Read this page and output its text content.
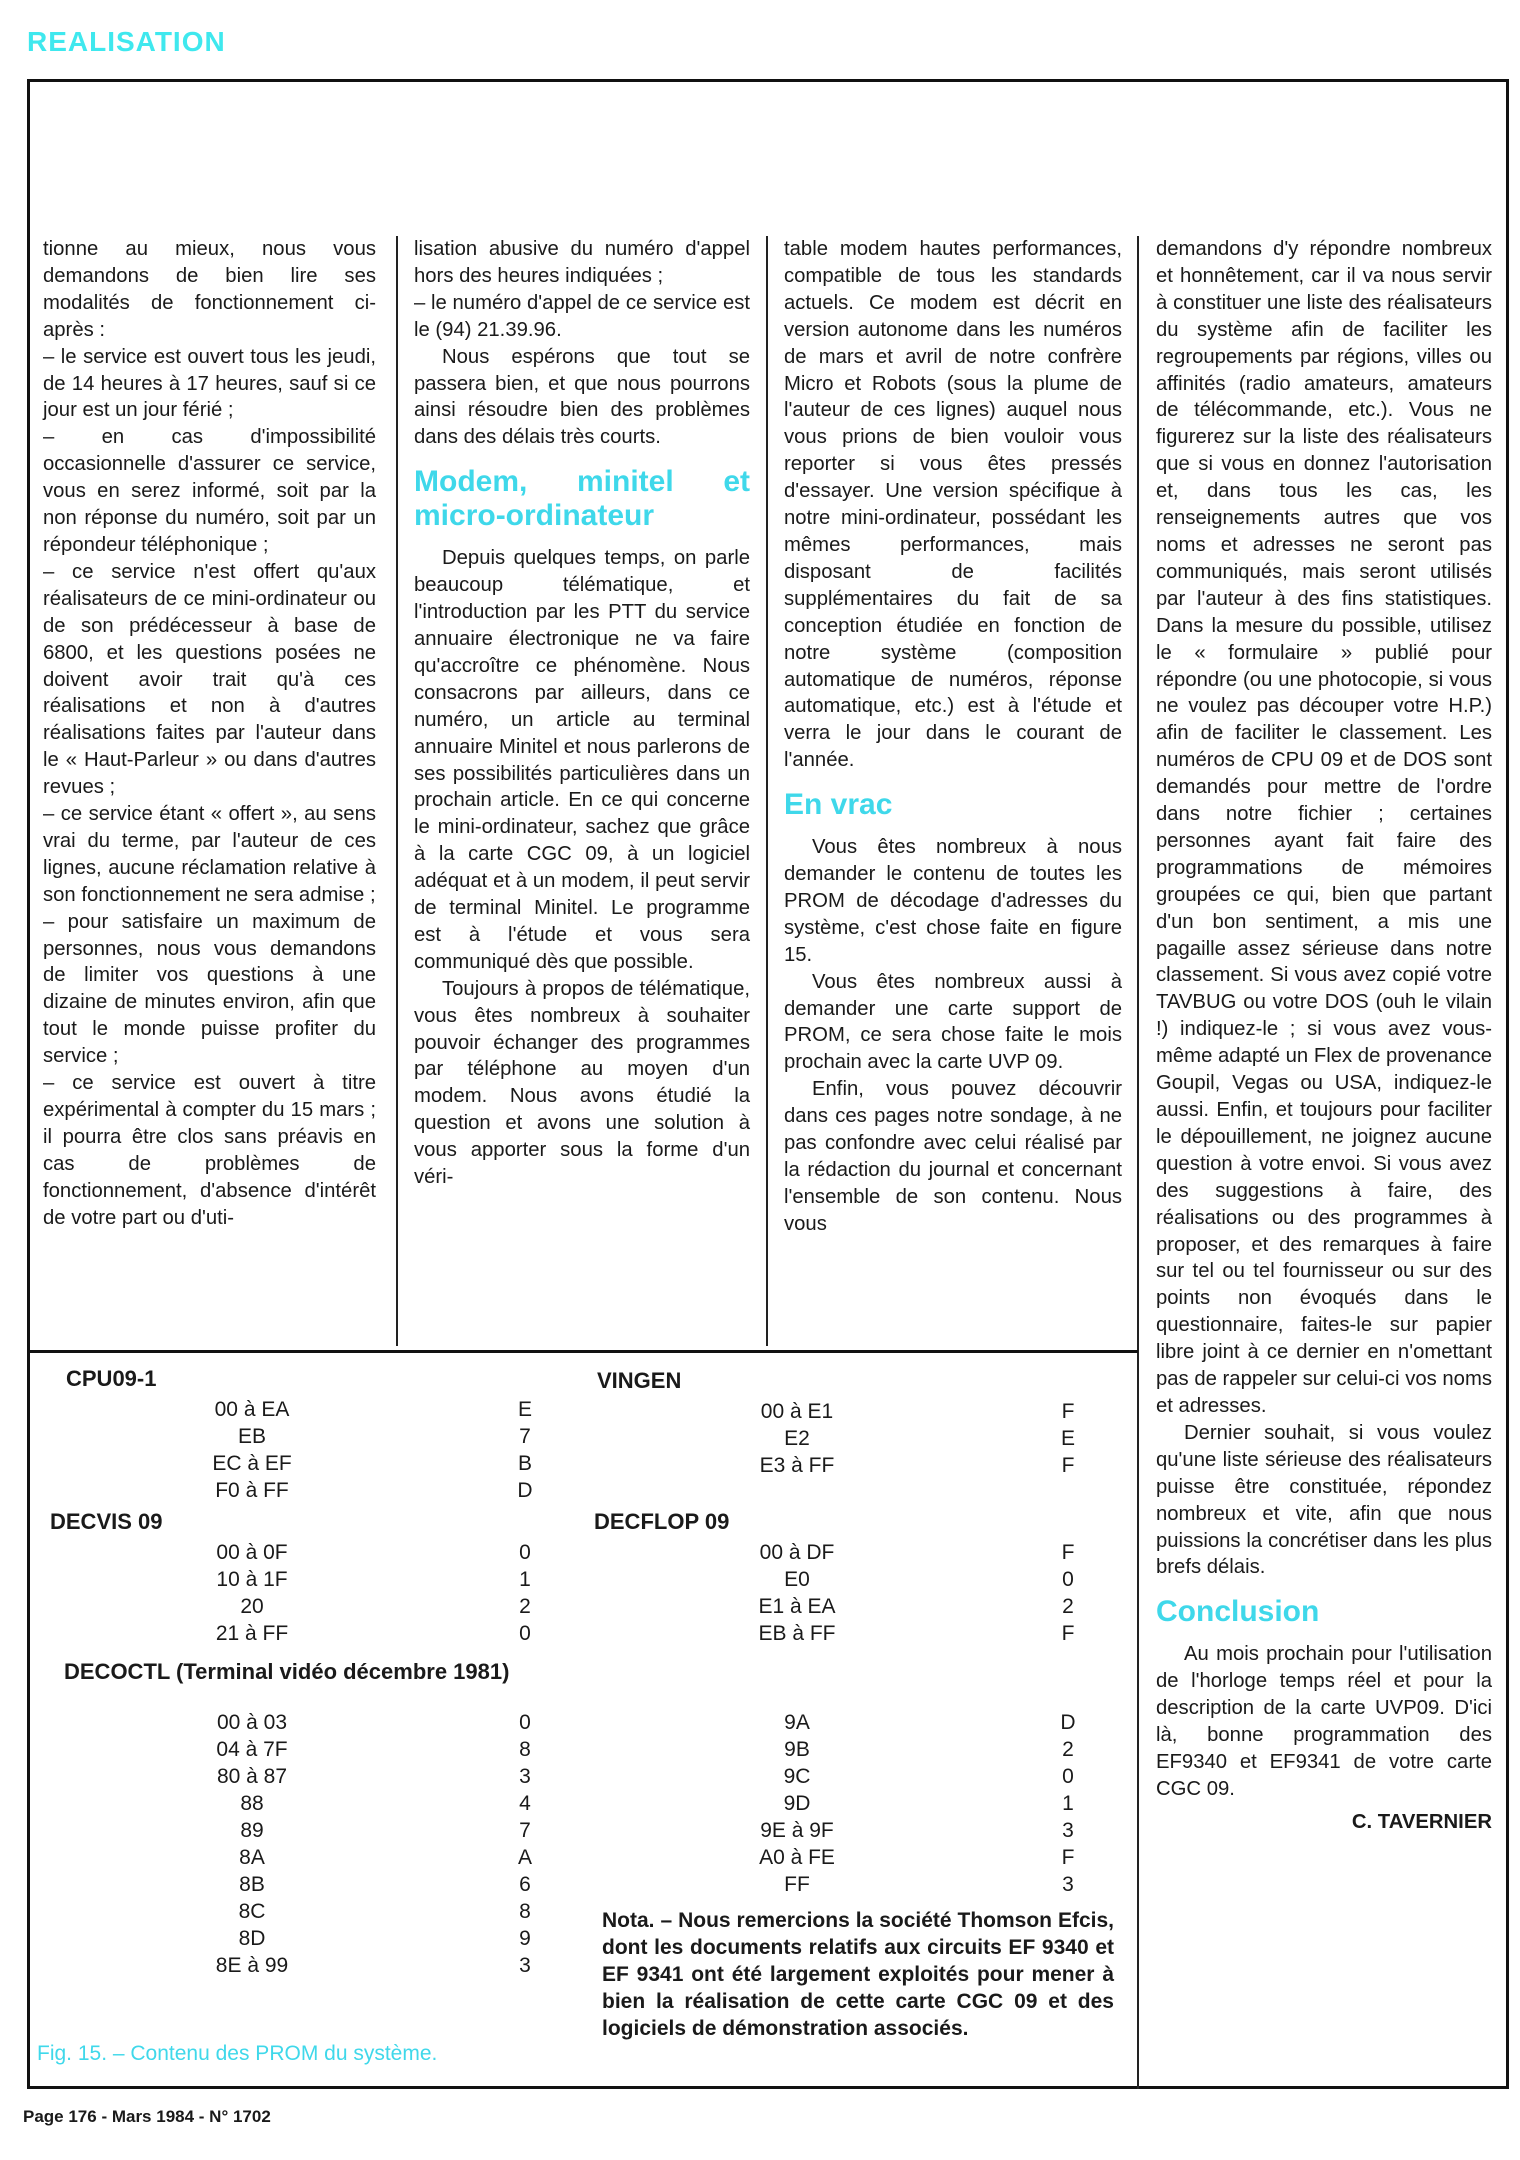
REALISATION

tionne au mieux, nous vous demandons de bien lire ses modalités de fonctionnement ci-après :

– le service est ouvert tous les jeudi, de 14 heures à 17 heures, sauf si ce jour est un jour férié ;

– en cas d'impossibilité occasionnelle d'assurer ce service, vous en serez informé, soit par la non réponse du numéro, soit par un répondeur téléphonique ;

– ce service n'est offert qu'aux réalisateurs de ce mini-ordinateur ou de son prédécesseur à base de 6800, et les questions posées ne doivent avoir trait qu'à ces réalisations et non à d'autres réalisations faites par l'auteur dans le « Haut-Parleur » ou dans d'autres revues ;

– ce service étant « offert », au sens vrai du terme, par l'auteur de ces lignes, aucune réclamation relative à son fonctionnement ne sera admise ;

– pour satisfaire un maximum de personnes, nous vous demandons de limiter vos questions à une dizaine de minutes environ, afin que tout le monde puisse profiter du service ;

– ce service est ouvert à titre expérimental à compter du 15 mars ; il pourra être clos sans préavis en cas de problèmes de fonctionnement, d'absence d'intérêt de votre part ou d'uti-

lisation abusive du numéro d'appel hors des heures indiquées ;

– le numéro d'appel de ce service est le (94) 21.39.96.

Nous espérons que tout se passera bien, et que nous pourrons ainsi résoudre bien des problèmes dans des délais très courts.

Modem, minitel et micro-ordinateur

Depuis quelques temps, on parle beaucoup télématique, et l'introduction par les PTT du service annuaire électronique ne va faire qu'accroître ce phénomène. Nous consacrons par ailleurs, dans ce numéro, un article au terminal annuaire Minitel et nous parlerons de ses possibilités particulières dans un prochain article. En ce qui concerne le mini-ordinateur, sachez que grâce à la carte CGC 09, à un logiciel adéquat et à un modem, il peut servir de terminal Minitel. Le programme est à l'étude et vous sera communiqué dès que possible.

Toujours à propos de télématique, vous êtes nombreux à souhaiter pouvoir échanger des programmes par téléphone au moyen d'un modem. Nous avons étudié la question et avons une solution à vous apporter sous la forme d'un véri-

table modem hautes performances, compatible de tous les standards actuels. Ce modem est décrit en version autonome dans les numéros de mars et avril de notre confrère Micro et Robots (sous la plume de l'auteur de ces lignes) auquel nous vous prions de bien vouloir vous reporter si vous êtes pressés d'essayer. Une version spécifique à notre mini-ordinateur, possédant les mêmes performances, mais disposant de facilités supplémentaires du fait de sa conception étudiée en fonction de notre système (composition automatique de numéros, réponse automatique, etc.) est à l'étude et verra le jour dans le courant de l'année.

En vrac

Vous êtes nombreux à nous demander le contenu de toutes les PROM de décodage d'adresses du système, c'est chose faite en figure 15.

Vous êtes nombreux aussi à demander une carte support de PROM, ce sera chose faite le mois prochain avec la carte UVP 09.

Enfin, vous pouvez découvrir dans ces pages notre sondage, à ne pas confondre avec celui réalisé par la rédaction du journal et concernant l'ensemble de son contenu. Nous vous

demandons d'y répondre nombreux et honnêtement, car il va nous servir à constituer une liste des réalisateurs du système afin de faciliter les regroupements par régions, villes ou affinités (radio amateurs, amateurs de télécommande, etc.). Vous ne figurerez sur la liste des réalisateurs que si vous en donnez l'autorisation et, dans tous les cas, les renseignements autres que vos noms et adresses ne seront pas communiqués, mais seront utilisés par l'auteur à des fins statistiques. Dans la mesure du possible, utilisez le « formulaire » publié pour répondre (ou une photocopie, si vous ne voulez pas découper votre H.P.) afin de faciliter le classement. Les numéros de CPU 09 et de DOS sont demandés pour mettre de l'ordre dans notre fichier ; certaines personnes ayant fait faire des programmations de mémoires groupées ce qui, bien que partant d'un bon sentiment, a mis une pagaille assez sérieuse dans notre classement. Si vous avez copié votre TAVBUG ou votre DOS (ouh le vilain !) indiquez-le ; si vous avez vous-même adapté un Flex de provenance Goupil, Vegas ou USA, indiquez-le aussi. Enfin, et toujours pour faciliter le dépouillement, ne joignez aucune question à votre envoi. Si vous avez des suggestions à faire, des réalisations ou des programmes à proposer, et des remarques à faire sur tel ou tel fournisseur ou sur des points non évoqués dans le questionnaire, faites-le sur papier libre joint à ce dernier en n'omettant pas de rappeler sur celui-ci vos noms et adresses.

Dernier souhait, si vous voulez qu'une liste sérieuse des réalisateurs puisse être constituée, répondez nombreux et vite, afin que nous puissions la concrétiser dans les plus brefs délais.

Conclusion

Au mois prochain pour l'utilisation de l'horloge temps réel et pour la description de la carte UVP09. D'ici là, bonne programmation des EF9340 et EF9341 de votre carte CGC 09.

C. TAVERNIER

CPU09-1
00 à EA	E
EB	7
EC à EF	B
F0 à FF	D
DECVIS 09
00 à 0F	0
10 à 1F	1
20	2
21 à FF	0
VINGEN
00 à E1	F
E2	E
E3 à FF	F
DECFLOP 09
00 à DF	F
E0	0
E1 à EA	2
EB à FF	F
DECOCTL (Terminal vidéo décembre 1981)
00 à 03	0
04 à 7F	8
80 à 87	3
88	4
89	7
8A	A
8B	6
8C	8
8D	9
8E à 99	3
9A	D
9B	2
9C	0
9D	1
9E à 9F	3
A0 à FE	F
FF	3
Nota. – Nous remercions la société Thomson Efcis, dont les documents relatifs aux circuits EF 9340 et EF 9341 ont été largement exploités pour mener à bien la réalisation de cette carte CGC 09 et des logiciels de démonstration associés.
Fig. 15. – Contenu des PROM du système.
Page 176 - Mars 1984 - N° 1702
